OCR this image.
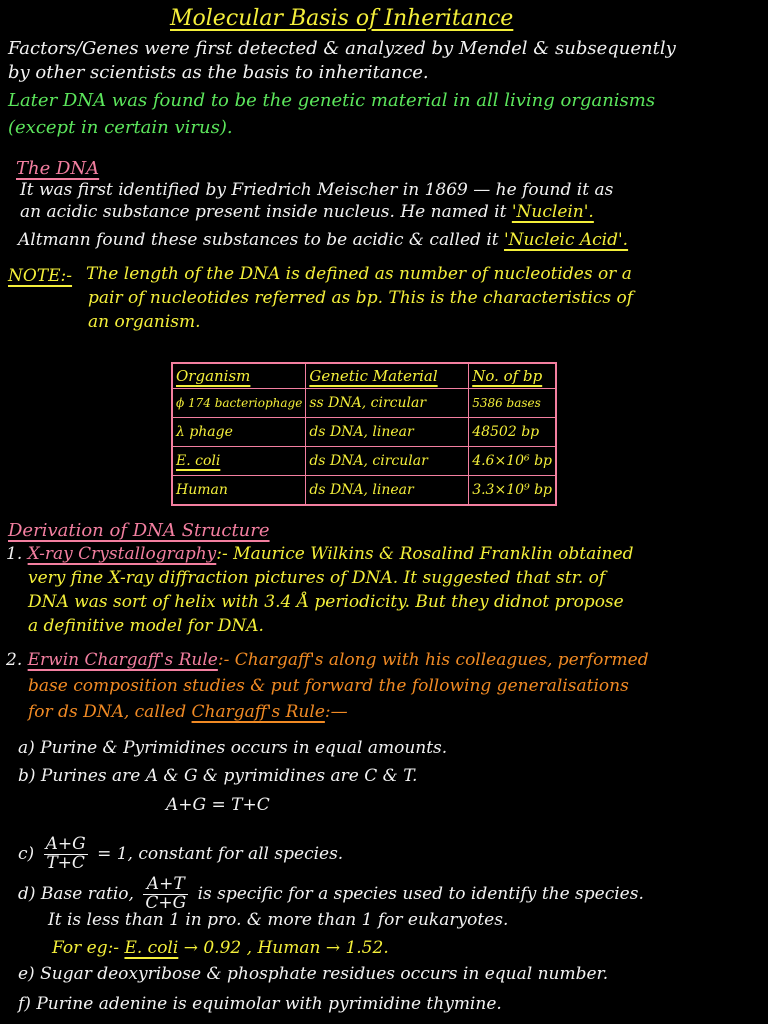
Molecular Basis of Inheritance
Factors/Genes were first detected & analyzed by Mendel & subsequently
by other scientists as the basis to inheritance.
Later DNA was found to be the genetic material in all living organisms
(except in certain virus).
The DNA
It was first identified by Friedrich Meischer in 1869 — he found it as
an acidic substance present inside nucleus. He named it 'Nuclein'.
Altmann found these substances to be acidic & called it 'Nucleic Acid'.
NOTE:- The length of the DNA is defined as number of nucleotides or a
pair of nucleotides referred as bp. This is the characteristics of
an organism.
Organism	Genetic Material	No. of bp
ϕ 174 bacteriophage	ss DNA, circular	5386 bases
λ phage	ds DNA, linear	48502 bp
E. coli	ds DNA, circular	4.6×10⁶ bp
Human	ds DNA, linear	3.3×10⁹ bp
Derivation of DNA Structure
1. X-ray Crystallography:- Maurice Wilkins & Rosalind Franklin obtained
very fine X-ray diffraction pictures of DNA. It suggested that str. of
DNA was sort of helix with 3.4 Å periodicity. But they didnot propose
a definitive model for DNA.
2. Erwin Chargaff's Rule:- Chargaff's along with his colleagues, performed
base composition studies & put forward the following generalisations
for ds DNA, called Chargaff's Rule:—
a) Purine & Pyrimidines occurs in equal amounts.
b) Purines are A & G & pyrimidines are C & T.
A+G = T+C
$c) \frac{A+G}{T+C} = 1$, constant for all species.
d) Base ratio, $\frac{A+T}{C+G}$ is specific for a species used to identify the species.
It is less than 1 in pro. & more than 1 for eukaryotes.
For eg:- E. coli → 0.92 , Human → 1.52.
e) Sugar deoxyribose & phosphate residues occurs in equal number.
f) Purine adenine is equimolar with pyrimidine thymine.
